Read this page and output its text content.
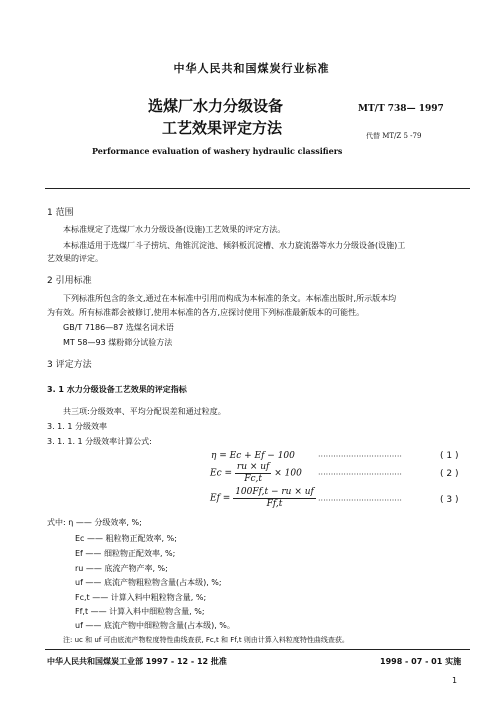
中华人民共和国煤炭行业标准
选煤厂水力分级设备
工艺效果评定方法
MT/T 738— 1997
代替 MT/Z 5 -79
Performance evaluation of washery hydraulic classifiers
1 范围
本标准规定了选煤厂水力分级设备(设施)工艺效果的评定方法。
本标准适用于选煤厂斗子捞坑、角锥沉淀池、倾斜板沉淀槽、水力旋流器等水力分级设备(设施)工
艺效果的评定。
2 引用标准
下列标准所包含的条文,通过在本标准中引用而构成为本标准的条文。本标准出版时,所示版本均
为有效。所有标准都会被修订,使用本标准的各方,应探讨使用下列标准最新版本的可能性。
GB/T 7186—87 选煤名词术语
MT 58—93 煤粉筛分试验方法
3 评定方法
3. 1 水力分级设备工艺效果的评定指标
共三项:分级效率、平均分配误差和通过粒度。
3. 1. 1 分级效率
3. 1. 1. 1 分级效率计算公式:
η = Ec + Ef − 100	·································	( 1 )
$Ec = \frac{ru \times uf}{Fc,t} \times 100$ ·································	( 2 )
$Ef = \frac{100Ff,t - ru \times uf}{Ff,t}$ ·································	( 3 )
式中: η —— 分级效率, %;
Ec —— 粗粒物正配效率, %;
Ef —— 细粒物正配效率, %;
ru —— 底流产物产率, %;
uf —— 底流产物粗粒物含量(占本级), %;
Fc,t —— 计算入料中粗粒物含量, %;
Ff,t —— 计算入料中细粒物含量, %;
uf —— 底流产物中细粒物含量(占本级), %。
注: uc 和 uf 可由底流产物粒度特性曲线查获, Fc,t 和 Ff,t 则由计算入料粒度特性曲线查获。
中华人民共和国煤炭工业部 1997 - 12 - 12 批准	1998 - 07 - 01 实施
1
